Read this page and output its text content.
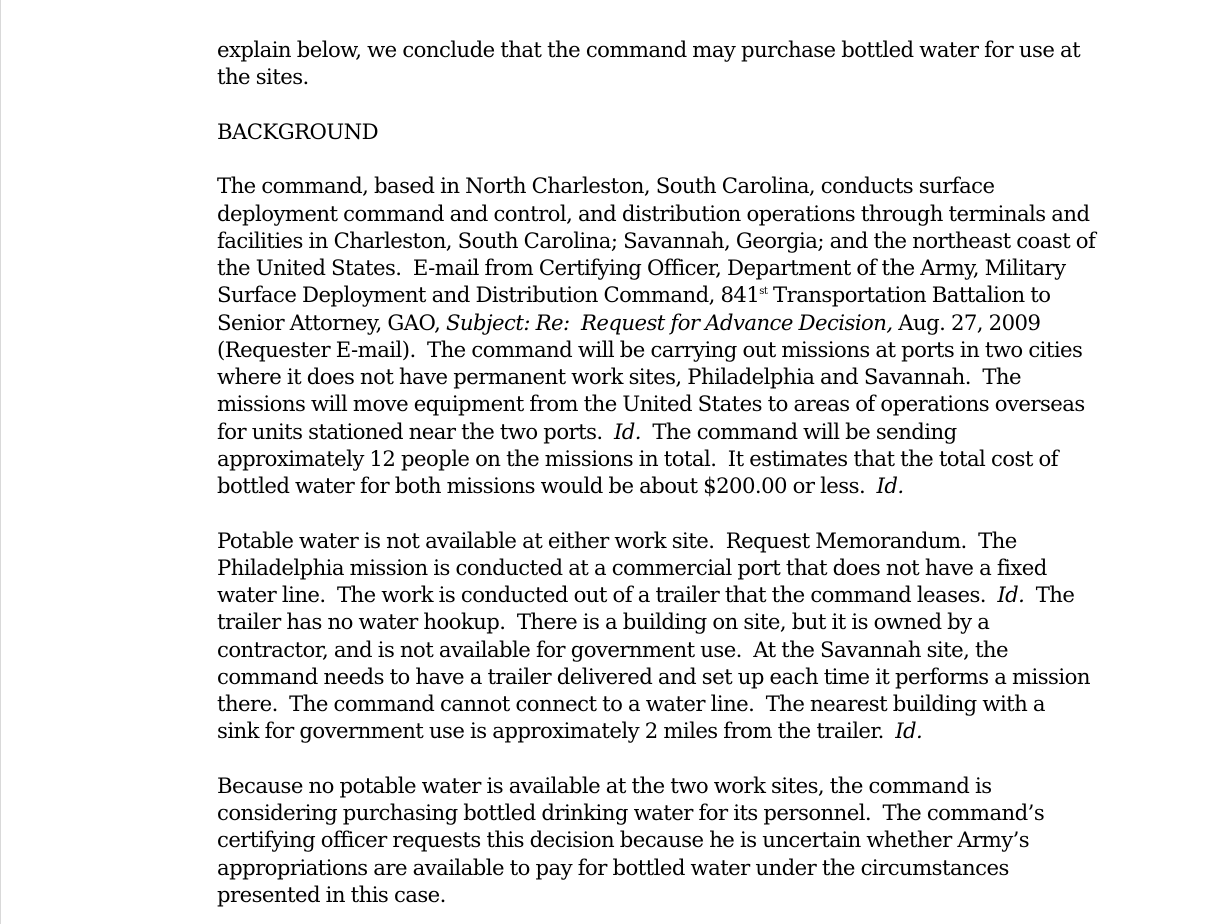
explain below, we conclude that the command may purchase bottled water for use at
the sites.
BACKGROUND
The command, based in North Charleston, South Carolina, conducts surface
deployment command and control, and distribution operations through terminals and
facilities in Charleston, South Carolina; Savannah, Georgia; and the northeast coast of
the United States.  E-mail from Certifying Officer, Department of the Army, Military
Surface Deployment and Distribution Command, 841st Transportation Battalion to
Senior Attorney, GAO, Subject: Re:  Request for Advance Decision, Aug. 27, 2009
(Requester E-mail).  The command will be carrying out missions at ports in two cities
where it does not have permanent work sites, Philadelphia and Savannah.  The
missions will move equipment from the United States to areas of operations overseas
for units stationed near the two ports.  Id.  The command will be sending
approximately 12 people on the missions in total.  It estimates that the total cost of
bottled water for both missions would be about $200.00 or less.  Id.
Potable water is not available at either work site.  Request Memorandum.  The
Philadelphia mission is conducted at a commercial port that does not have a fixed
water line.  The work is conducted out of a trailer that the command leases.  Id.  The
trailer has no water hookup.  There is a building on site, but it is owned by a
contractor, and is not available for government use.  At the Savannah site, the
command needs to have a trailer delivered and set up each time it performs a mission
there.  The command cannot connect to a water line.  The nearest building with a
sink for government use is approximately 2 miles from the trailer.  Id.
Because no potable water is available at the two work sites, the command is
considering purchasing bottled drinking water for its personnel.  The command’s
certifying officer requests this decision because he is uncertain whether Army’s
appropriations are available to pay for bottled water under the circumstances
presented in this case.
